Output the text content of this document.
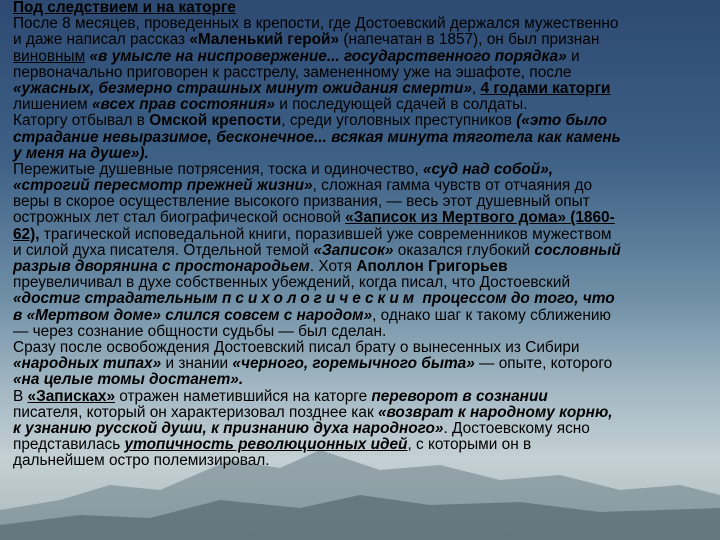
Под следствием и на каторге
После 8 месяцев, проведенных в крепости, где Достоевский держался мужественно
и даже написал рассказ «Маленький герой» (напечатан в 1857), он был признан
виновным «в умысле на ниспровержение... государственного порядка» и
первоначально приговорен к расстрелу, замененному уже на эшафоте, после
«ужасных, безмерно страшных минут ожидания смерти», 4 годами каторги
лишением «всех прав состояния» и последующей сдачей в солдаты.
Каторгу отбывал в Омской крепости, среди уголовных преступников («это было
страдание невыразимое, бесконечное... всякая минута тяготела как камень
у меня на душе»).
Пережитые душевные потрясения, тоска и одиночество, «суд над собой»,
«строгий пересмотр прежней жизни», сложная гамма чувств от отчаяния до
веры в скорое осуществление высокого призвания, — весь этот душевный опыт
острожных лет стал биографической основой «Записок из Мертвого дома» (1860-
62), трагической исповедальной книги, поразившей уже современников мужеством
и силой духа писателя. Отдельной темой «Записок» оказался глубокий сословный
разрыв дворянина с простонародьем. Хотя Аполлон Григорьев
преувеличивал в духе собственных убеждений, когда писал, что Достоевский
«достиг страдательным психологическим процессом до того, что
в «Мертвом доме» слился совсем с народом», однако шаг к такому сближению
— через сознание общности судьбы — был сделан.
Сразу после освобождения Достоевский писал брату о вынесенных из Сибири
«народных типах» и знании «черного, горемычного быта» — опыте, которого
«на целые томы достанет».
В «Записках» отражен наметившийся на каторге переворот в сознании
писателя, который он характеризовал позднее как «возврат к народному корню,
к узнанию русской души, к признанию духа народного». Достоевскому ясно
представилась утопичность революционных идей, с которыми он в
дальнейшем остро полемизировал.
